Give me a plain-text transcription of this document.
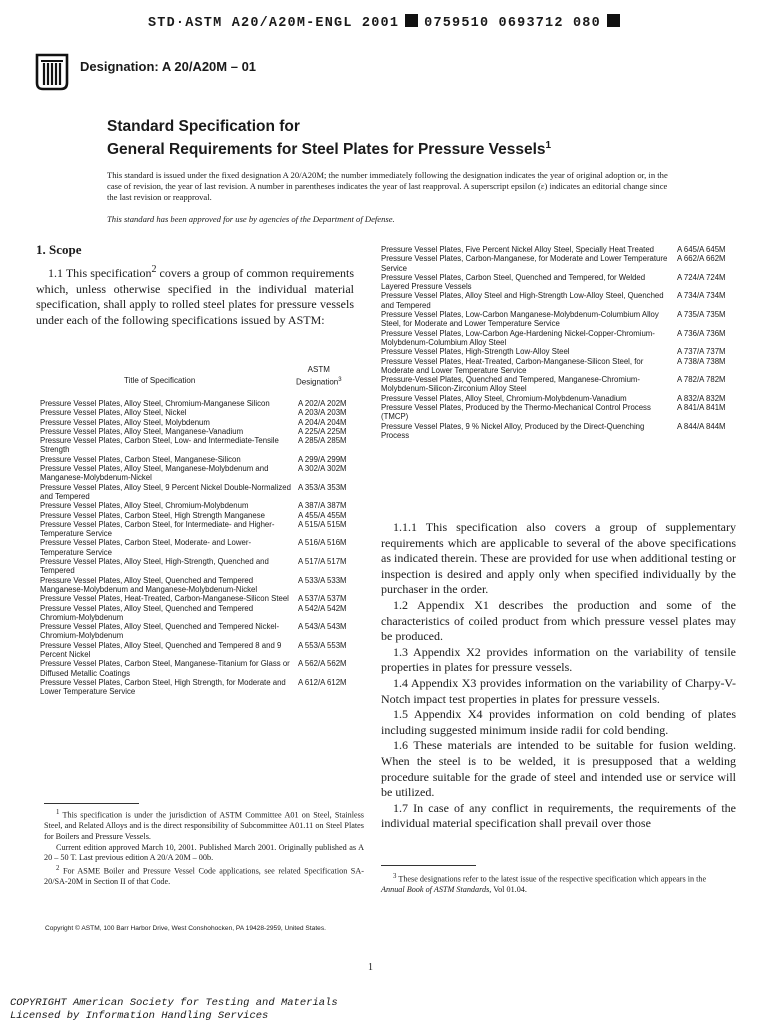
STD·ASTM A20/A20M-ENGL 2001 0759510 0693712 080
Designation: A 20/A20M – 01
Standard Specification for
General Requirements for Steel Plates for Pressure Vessels$^1$
This standard is issued under the fixed designation A 20/A20M; the number immediately following the designation indicates the year of original adoption or, in the case of revision, the year of last revision. A number in parentheses indicates the year of last reapproval. A superscript epsilon (ε) indicates an editorial change since the last revision or reapproval.
This standard has been approved for use by agencies of the Department of Defense.
1. Scope

1.1 This specification$^2$ covers a group of common requirements which, unless otherwise specified in the individual material specification, shall apply to rolled steel plates for pressure vessels under each of the following specifications issued by ASTM:

Title of Specification
ASTM
Designation$^3$
Pressure Vessel Plates, Alloy Steel, Chromium-Manganese Silicon	A 202/A 202M
Pressure Vessel Plates, Alloy Steel, Nickel	A 203/A 203M
Pressure Vessel Plates, Alloy Steel, Molybdenum	A 204/A 204M
Pressure Vessel Plates, Alloy Steel, Manganese-Vanadium	A 225/A 225M
Pressure Vessel Plates, Carbon Steel, Low- and Intermediate-Tensile Strength
A 285/A 285M
Pressure Vessel Plates, Carbon Steel, Manganese-Silicon	A 299/A 299M
Pressure Vessel Plates, Alloy Steel, Manganese-Molybdenum and Manganese-Molybdenum-Nickel
A 302/A 302M
Pressure Vessel Plates, Alloy Steel, 9 Percent Nickel Double-Normalized and Tempered
A 353/A 353M
Pressure Vessel Plates, Alloy Steel, Chromium-Molybdenum	A 387/A 387M
Pressure Vessel Plates, Carbon Steel, High Strength Manganese	A 455/A 455M
Pressure Vessel Plates, Carbon Steel, for Intermediate- and Higher-Temperature Service
A 515/A 515M
Pressure Vessel Plates, Carbon Steel, Moderate- and Lower-Temperature Service
A 516/A 516M
Pressure Vessel Plates, Alloy Steel, High-Strength, Quenched and Tempered
A 517/A 517M
Pressure Vessel Plates, Alloy Steel, Quenched and Tempered Manganese-Molybdenum and Manganese-Molybdenum-Nickel
A 533/A 533M
Pressure Vessel Plates, Heat-Treated, Carbon-Manganese-Silicon Steel	A 537/A 537M
Pressure Vessel Plates, Alloy Steel, Quenched and Tempered Chromium-Molybdenum
A 542/A 542M
Pressure Vessel Plates, Alloy Steel, Quenched and Tempered Nickel-Chromium-Molybdenum
A 543/A 543M
Pressure Vessel Plates, Alloy Steel, Quenched and Tempered 8 and 9 Percent Nickel
A 553/A 553M
Pressure Vessel Plates, Carbon Steel, Manganese-Titanium for Glass or Diffused Metallic Coatings
A 562/A 562M
Pressure Vessel Plates, Carbon Steel, High Strength, for Moderate and Lower Temperature Service
A 612/A 612M
Pressure Vessel Plates, Five Percent Nickel Alloy Steel, Specially Heat Treated	A 645/A 645M
Pressure Vessel Plates, Carbon-Manganese, for Moderate and Lower Temperature Service
A 662/A 662M
Pressure Vessel Plates, Carbon Steel, Quenched and Tempered, for Welded Layered Pressure Vessels
A 724/A 724M
Pressure Vessel Plates, Alloy Steel and High-Strength Low-Alloy Steel, Quenched and Tempered
A 734/A 734M
Pressure Vessel Plates, Low-Carbon Manganese-Molybdenum-Columbium Alloy Steel, for Moderate and Lower Temperature Service
A 735/A 735M
Pressure Vessel Plates, Low-Carbon Age-Hardening Nickel-Copper-Chromium-Molybdenum-Columbium Alloy Steel
A 736/A 736M
Pressure Vessel Plates, High-Strength Low-Alloy Steel	A 737/A 737M
Pressure Vessel Plates, Heat-Treated, Carbon-Manganese-Silicon Steel, for Moderate and Lower Temperature Service
A 738/A 738M
Pressure-Vessel Plates, Quenched and Tempered, Manganese-Chromium-Molybdenum-Silicon-Zirconium Alloy Steel
A 782/A 782M
Pressure Vessel Plates, Alloy Steel, Chromium-Molybdenum-Vanadium	A 832/A 832M
Pressure Vessel Plates, Produced by the Thermo-Mechanical Control Process (TMCP)
A 841/A 841M
Pressure Vessel Plates, 9 % Nickel Alloy, Produced by the Direct-Quenching Process
A 844/A 844M

1.1.1 This specification also covers a group of supplementary requirements which are applicable to several of the above specifications as indicated therein. These are provided for use when additional testing or inspection is desired and apply only when specified individually by the purchaser in the order.

1.2 Appendix X1 describes the production and some of the characteristics of coiled product from which pressure vessel plates may be produced.

1.3 Appendix X2 provides information on the variability of tensile properties in plates for pressure vessels.

1.4 Appendix X3 provides information on the variability of Charpy-V-Notch impact test properties in plates for pressure vessels.

1.5 Appendix X4 provides information on cold bending of plates including suggested minimum inside radii for cold bending.

1.6 These materials are intended to be suitable for fusion welding. When the steel is to be welded, it is presupposed that a welding procedure suitable for the grade of steel and intended use or service will be utilized.

1.7 In case of any conflict in requirements, the requirements of the individual material specification shall prevail over those

$^1$ This specification is under the jurisdiction of ASTM Committee A01 on Steel, Stainless Steel, and Related Alloys and is the direct responsibility of Subcommittee A01.11 on Steel Plates for Boilers and Pressure Vessels.

Current edition approved March 10, 2001. Published March 2001. Originally published as A 20 – 50 T. Last previous edition A 20/A 20M – 00b.

$^2$ For ASME Boiler and Pressure Vessel Code applications, see related Specification SA-20/SA-20M in Section II of that Code.

$^3$ These designations refer to the latest issue of the respective specification which appears in the Annual Book of ASTM Standards, Vol 01.04.

Copyright © ASTM, 100 Barr Harbor Drive, West Conshohocken, PA 19428-2959, United States.
1
COPYRIGHT American Society for Testing and Materials
Licensed by Information Handling Services
